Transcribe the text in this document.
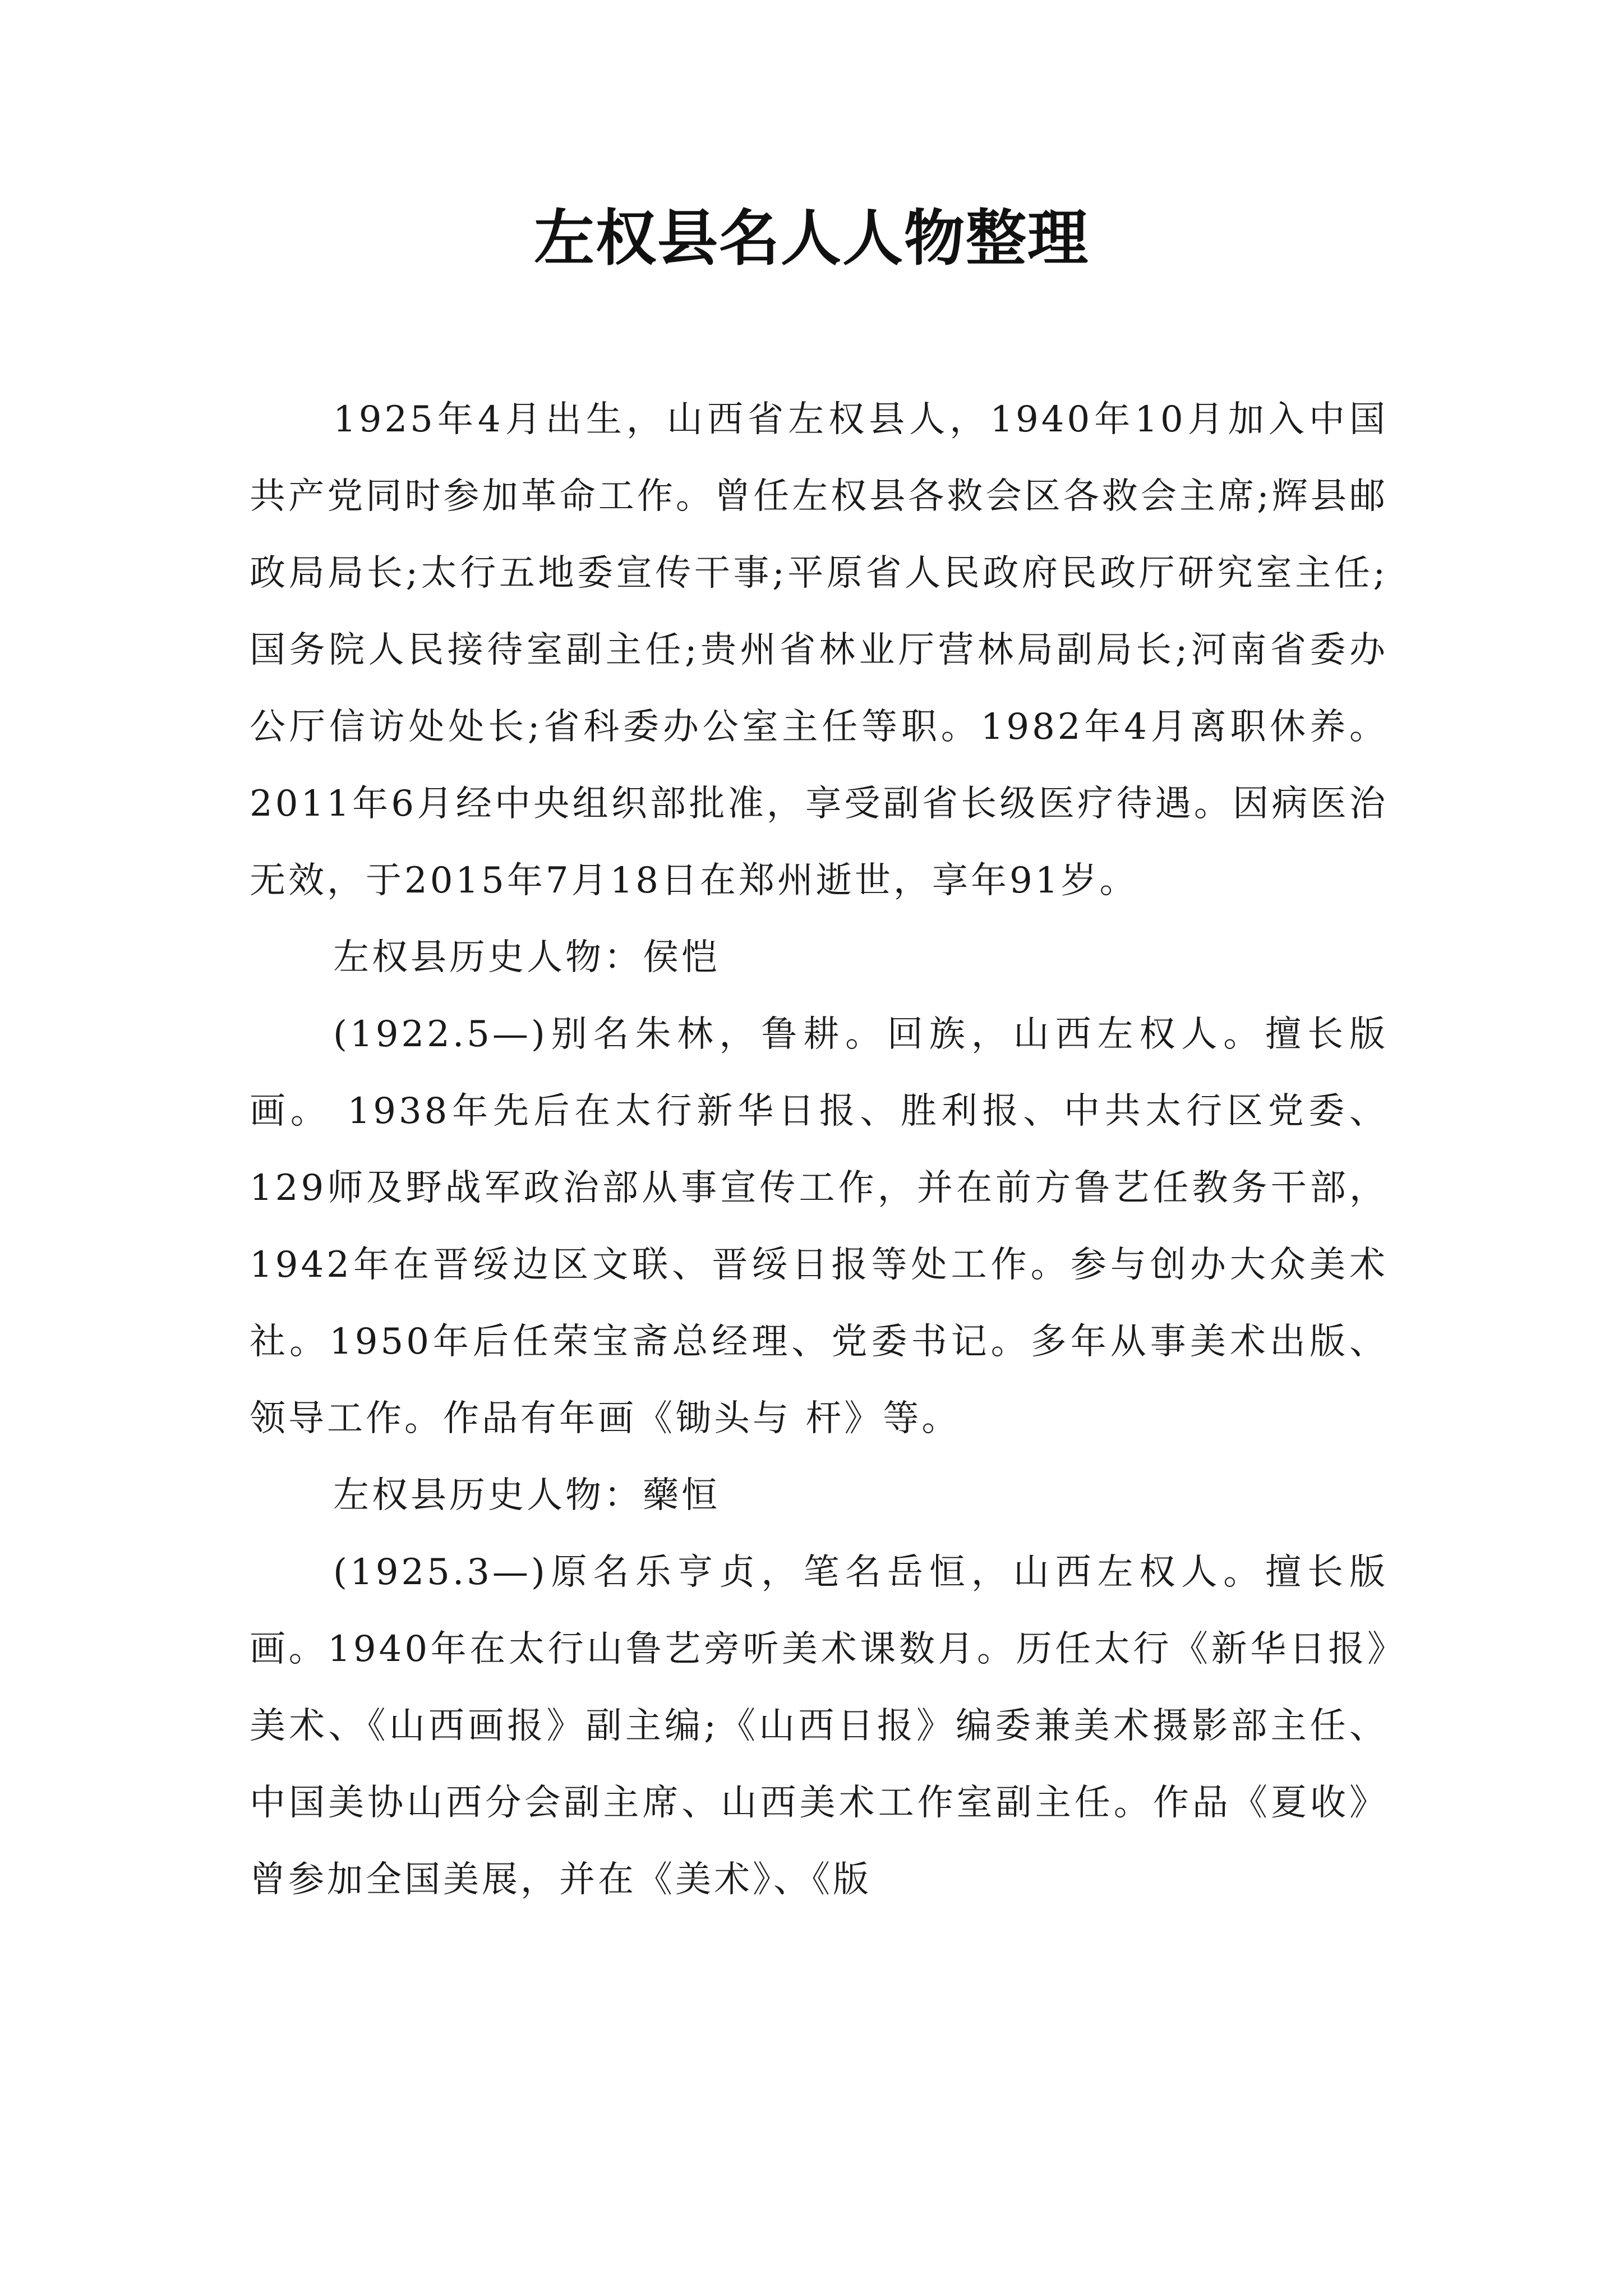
左权县名人人物整理

1925年4月出生，山西省左权县人，1940年10月加入中国共产党同时参加革命工作。曾任左权县各救会区各救会主席;辉县邮政局局长;太行五地委宣传干事;平原省人民政府民政厅研究室主任;国务院人民接待室副主任;贵州省林业厅营林局副局长;河南省委办公厅信访处处长;省科委办公室主任等职。1982年4月离职休养。2011年6月经中央组织部批准，享受副省长级医疗待遇。因病医治无效，于2015年7月18日在郑州逝世，享年91岁。

左权县历史人物：侯恺

(1922.5—)别名朱林，鲁耕。回族，山西左权人。擅长版画。 1938年先后在太行新华日报、胜利报、中共太行区党委、129师及野战军政治部从事宣传工作，并在前方鲁艺任教务干部，1942年在晋绥边区文联、晋绥日报等处工作。参与创办大众美术社。1950年后任荣宝斋总经理、党委书记。多年从事美术出版、领导工作。作品有年画《锄头与 杆》等。

左权县历史人物：藥恒

(1925.3—)原名乐亨贞，笔名岳恒，山西左权人。擅长版画。1940年在太行山鲁艺旁听美术课数月。历任太行《新华日报》美术、《山西画报》副主编;《山西日报》编委兼美术摄影部主任、中国美协山西分会副主席、山西美术工作室副主任。作品《夏收》曾参加全国美展，并在《美术》、《版
